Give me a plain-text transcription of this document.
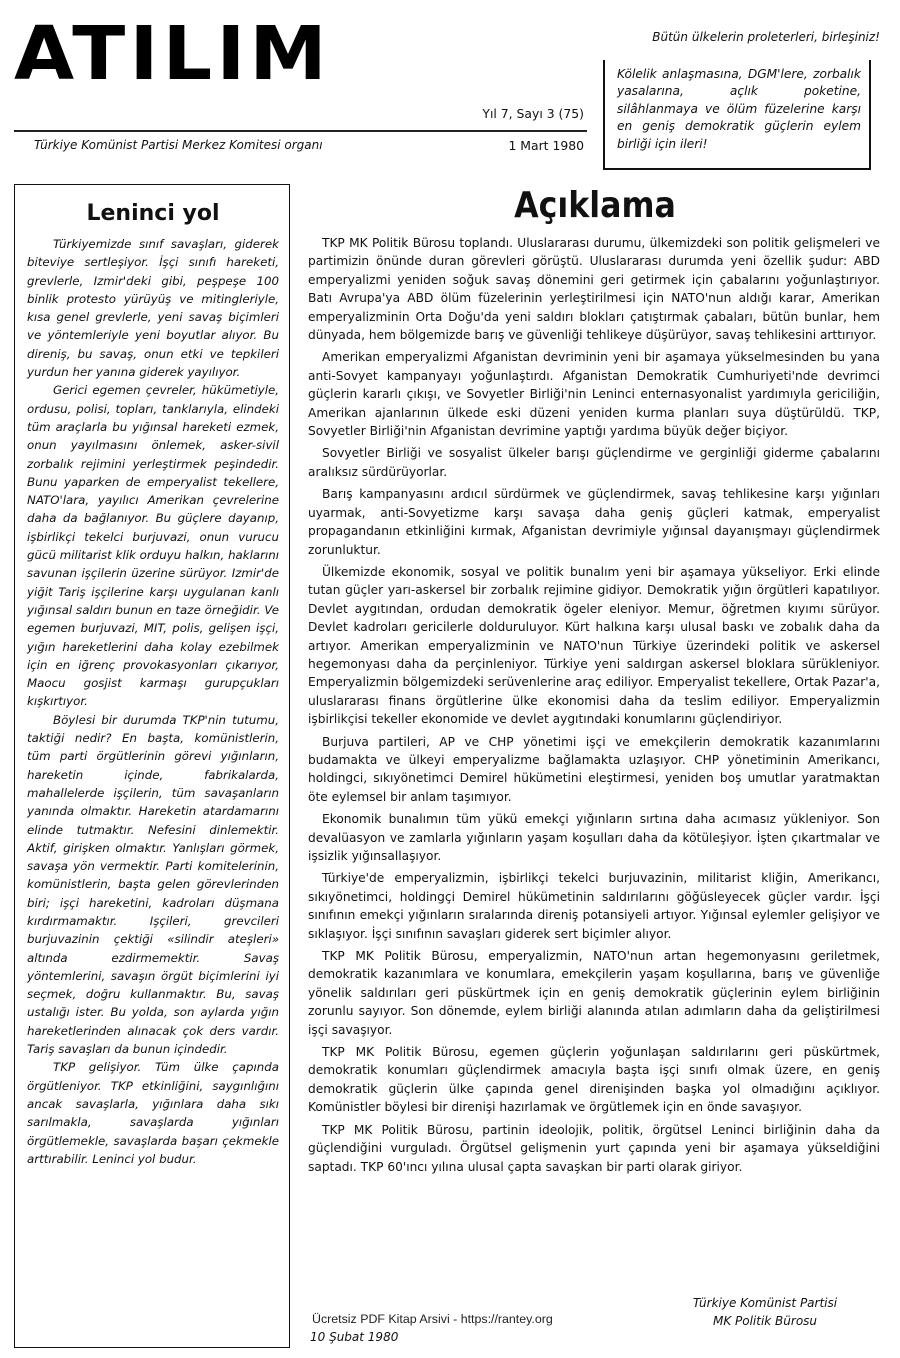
ATILIM	Bütün ülkelerin proleterleri, birleşiniz!
Kölelik anlaşmasına, DGM'lere, zorbalık yasalarına, açlık poketine, silâhlanmaya ve ölüm füzelerine karşı en geniş demokratik güçlerin eylem birliği için ileri!
Yıl 7, Sayı 3 (75)
Türkiye Komünist Partisi Merkez Komitesi organı	1 Mart 1980
Leninci yol

Türkiyemizde sınıf savaşları, giderek biteviye sertleşiyor. İşçi sınıfı hareketi, grevlerle, Izmir'deki gibi, peşpeşe 100 binlik protesto yürüyüş ve mitingleriyle, kısa genel grevlerle, yeni savaş biçimleri ve yöntemleriyle yeni boyutlar alıyor. Bu direniş, bu savaş, onun etki ve tepkileri yurdun her yanına giderek yayılıyor.

Gerici egemen çevreler, hükümetiyle, ordusu, polisi, topları, tanklarıyla, elindeki tüm araçlarla bu yığınsal hareketi ezmek, onun yayılmasını önlemek, asker-sivil zorbalık rejimini yerleştirmek peşindedir. Bunu yaparken de emperyalist tekellere, NATO'lara, yayılıcı Amerikan çevrelerine daha da bağlanıyor. Bu güçlere dayanıp, işbirlikçi tekelci burjuvazi, onun vurucu gücü militarist klik orduyu halkın, haklarını savunan işçilerin üzerine sürüyor. Izmir'de yiğit Tariş işçilerine karşı uygulanan kanlı yığınsal saldırı bunun en taze örneğidir. Ve egemen burjuvazi, MIT, polis, gelişen işçi, yığın hareketlerini daha kolay ezebilmek için en iğrenç provokasyonları çıkarıyor, Maocu gosjist karmaşı gurupçukları kışkırtıyor.

Böylesi bir durumda TKP'nin tutumu, taktiği nedir? En başta, komünistlerin, tüm parti örgütlerinin görevi yığınların, hareketin içinde, fabrikalarda, mahallelerde işçilerin, tüm savaşanların yanında olmaktır. Hareketin atardamarını elinde tutmaktır. Nefesini dinlemektir. Aktif, girişken olmaktır. Yanlışları görmek, savaşa yön vermektir. Parti komitelerinin, komünistlerin, başta gelen görevlerinden biri; işçi hareketini, kadroları düşmana kırdırmamaktır. Işçileri, grevcileri burjuvazinin çektiği «silindir ateşleri» altında ezdirmemektir. Savaş yöntemlerini, savaşın örgüt biçimlerini iyi seçmek, doğru kullanmaktır. Bu, savaş ustalığı ister. Bu yolda, son aylarda yığın hareketlerinden alınacak çok ders vardır. Tariş savaşları da bunun içindedir.

TKP gelişiyor. Tüm ülke çapında örgütleniyor. TKP etkinliğini, saygınlığını ancak savaşlarla, yığınlara daha sıkı sarılmakla, savaşlarda yığınları örgütlemekle, savaşlarda başarı çekmekle arttırabilir. Leninci yol budur.

Açıklama

TKP MK Politik Bürosu toplandı. Uluslararası durumu, ülkemizdeki son politik gelişmeleri ve partimizin önünde duran görevleri görüştü. Uluslararası durumda yeni özellik şudur: ABD emperyalizmi yeniden soğuk savaş dönemini geri getirmek için çabalarını yoğunlaştırıyor. Batı Avrupa'ya ABD ölüm füzelerinin yerleştirilmesi için NATO'nun aldığı karar, Amerikan emperyalizminin Orta Doğu'da yeni saldırı blokları çatıştırmak çabaları, bütün bunlar, hem dünyada, hem bölgemizde barış ve güvenliği tehlikeye düşürüyor, savaş tehlikesini arttırıyor.

Amerikan emperyalizmi Afganistan devriminin yeni bir aşamaya yükselmesinden bu yana anti-Sovyet kampanyayı yoğunlaştırdı. Afganistan Demokratik Cumhuriyeti'nde devrimci güçlerin kararlı çıkışı, ve Sovyetler Birliği'nin Leninci enternasyonalist yardımıyla gericiliğin, Amerikan ajanlarının ülkede eski düzeni yeniden kurma planları suya düştürüldü. TKP, Sovyetler Birliği'nin Afganistan devrimine yaptığı yardıma büyük değer biçiyor.

Sovyetler Birliği ve sosyalist ülkeler barışı güçlendirme ve gerginliği giderme çabalarını aralıksız sürdürüyorlar.

Barış kampanyasını ardıcıl sürdürmek ve güçlendirmek, savaş tehlikesine karşı yığınları uyarmak, anti-Sovyetizme karşı savaşa daha geniş güçleri katmak, emperyalist propagandanın etkinliğini kırmak, Afganistan devrimiyle yığınsal dayanışmayı güçlendirmek zorunluktur.

Ülkemizde ekonomik, sosyal ve politik bunalım yeni bir aşamaya yükseliyor. Erki elinde tutan güçler yarı-askersel bir zorbalık rejimine gidiyor. Demokratik yığın örgütleri kapatılıyor. Devlet aygıtından, ordudan demokratik ögeler eleniyor. Memur, öğretmen kıyımı sürüyor. Devlet kadroları gericilerle dolduruluyor. Kürt halkına karşı ulusal baskı ve zobalık daha da artıyor. Amerikan emperyalizminin ve NATO'nun Türkiye üzerindeki politik ve askersel hegemonyası daha da perçinleniyor. Türkiye yeni saldırgan askersel bloklara sürükleniyor. Emperyalizmin bölgemizdeki serüvenlerine araç ediliyor. Emperyalist tekellere, Ortak Pazar'a, uluslararası finans örgütlerine ülke ekonomisi daha da teslim ediliyor. Emperyalizmin işbirlikçisi tekeller ekonomide ve devlet aygıtındaki konumlarını güçlendiriyor.

Burjuva partileri, AP ve CHP yönetimi işçi ve emekçilerin demokratik kazanımlarını budamakta ve ülkeyi emperyalizme bağlamakta uzlaşıyor. CHP yönetiminin Amerikancı, holdingci, sıkıyönetimci Demirel hükümetini eleştirmesi, yeniden boş umutlar yaratmaktan öte eylemsel bir anlam taşımıyor.

Ekonomik bunalımın tüm yükü emekçi yığınların sırtına daha acımasız yükleniyor. Son devalüasyon ve zamlarla yığınların yaşam koşulları daha da kötüleşiyor. İşten çıkartmalar ve işsizlik yığınsallaşıyor.

Türkiye'de emperyalizmin, işbirlikçi tekelci burjuvazinin, militarist kliğin, Amerikancı, sıkıyönetimci, holdingçi Demirel hükümetinin saldırılarını göğüsleyecek güçler vardır. İşçi sınıfının emekçi yığınların sıralarında direniş potansiyeli artıyor. Yığınsal eylemler gelişiyor ve sıklaşıyor. İşçi sınıfının savaşları giderek sert biçimler alıyor.

TKP MK Politik Bürosu, emperyalizmin, NATO'nun artan hegemonyasını geriletmek, demokratik kazanımlara ve konumlara, emekçilerin yaşam koşullarına, barış ve güvenliğe yönelik saldırıları geri püskürtmek için en geniş demokratik güçlerinin eylem birliğinin zorunlu sayıyor. Son dönemde, eylem birliği alanında atılan adımların daha da geliştirilmesi işçi savaşıyor.

TKP MK Politik Bürosu, egemen güçlerin yoğunlaşan saldırılarını geri püskürtmek, demokratik konumları güçlendirmek amacıyla başta işçi sınıfı olmak üzere, en geniş demokratik güçlerin ülke çapında genel direnişinden başka yol olmadığını açıklıyor. Komünistler böylesi bir direnişi hazırlamak ve örgütlemek için en önde savaşıyor.

TKP MK Politik Bürosu, partinin ideolojik, politik, örgütsel Leninci birliğinin daha da güçlendiğini vurguladı. Örgütsel gelişmenin yurt çapında yeni bir aşamaya yükseldiğini saptadı. TKP 60'ıncı yılına ulusal çapta savaşkan bir parti olarak giriyor.

Türkiye Komünist Partisi
MK Politik Bürosu
Ücretsiz PDF Kitap Arsivi - https://rantey.org
10 Şubat 1980
